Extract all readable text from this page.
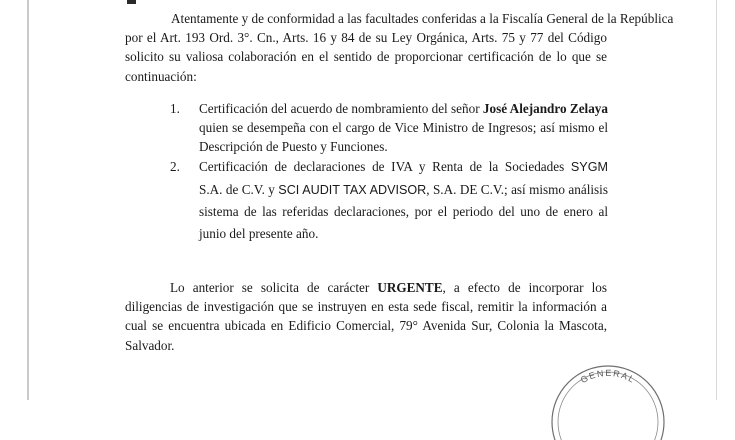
Atentamente y de conformidad a las facultades conferidas a la Fiscalía General de la República
por el Art. 193 Ord. 3°. Cn., Arts. 16 y 84 de su Ley Orgánica, Arts. 75 y 77 del Código
solicito su valiosa colaboración en el sentido de proporcionar certificación de lo que se
continuación:
1. Certificación del acuerdo de nombramiento del señor José Alejandro Zelaya
quien se desempeña con el cargo de Vice Ministro de Ingresos; así mismo el
Descripción de Puesto y Funciones.
2. Certificación de declaraciones de IVA y Renta de la Sociedades SYGM
S.A. de C.V. y SCI AUDIT TAX ADVISOR, S.A. DE C.V.; así mismo análisis
sistema de las referidas declaraciones, por el periodo del uno de enero al
junio del presente año.
Lo anterior se solicita de carácter URGENTE, a efecto de incorporar los
diligencias de investigación que se instruyen en esta sede fiscal, remitir la información a
cual se encuentra ubicada en Edificio Comercial, 79° Avenida Sur, Colonia la Mascota,
Salvador.
GENERAL
